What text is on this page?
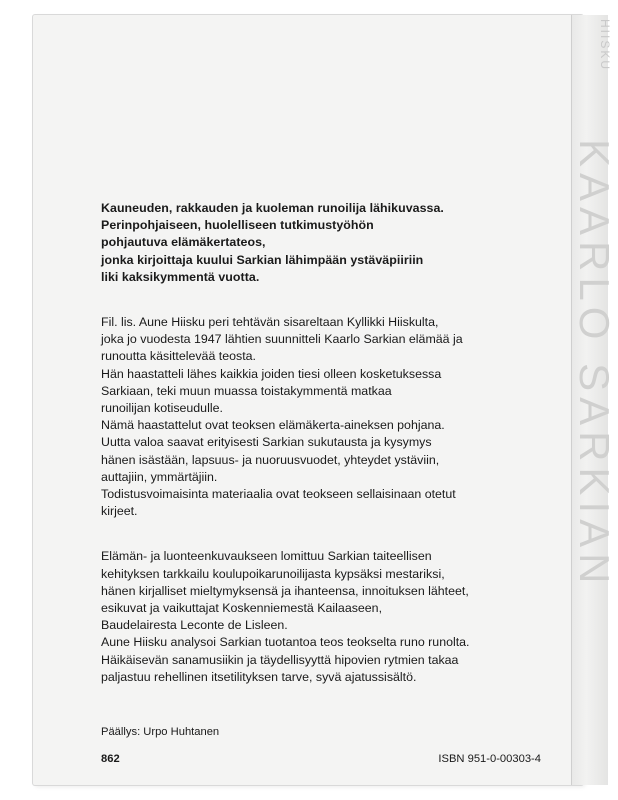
HIISKU
KAARLO SARKIAN

Kauneuden, rakkauden ja kuoleman runoilija lähikuvassa.

Perinpohjaiseen, huolelliseen tutkimustyöhön

pohjautuva elämäkertateos,

jonka kirjoittaja kuului Sarkian lähimpään ystäväpiiriin

liki kaksikymmentä vuotta.

Fil. lis. Aune Hiisku peri tehtävän sisareltaan Kyllikki Hiiskulta,

joka jo vuodesta 1947 lähtien suunnitteli Kaarlo Sarkian elämää ja

runoutta käsittelevää teosta.

Hän haastatteli lähes kaikkia joiden tiesi olleen kosketuksessa

Sarkiaan, teki muun muassa toistakymmentä matkaa

runoilijan kotiseudulle.

Nämä haastattelut ovat teoksen elämäkerta-aineksen pohjana.

Uutta valoa saavat erityisesti Sarkian sukutausta ja kysymys

hänen isästään, lapsuus- ja nuoruusvuodet, yhteydet ystäviin,

auttajiin, ymmärtäjiin.

Todistusvoimaisinta materiaalia ovat teokseen sellaisinaan otetut

kirjeet.

Elämän- ja luonteenkuvaukseen lomittuu Sarkian taiteellisen

kehityksen tarkkailu koulupoikarunoilijasta kypsäksi mestariksi,

hänen kirjalliset mieltymyksensä ja ihanteensa, innoituksen lähteet,

esikuvat ja vaikuttajat Koskenniemestä Kailaaseen,

Baudelairesta Leconte de Lisleen.

Aune Hiisku analysoi Sarkian tuotantoa teos teokselta runo runolta.

Häikäisevän sanamusiikin ja täydellisyyttä hipovien rytmien takaa

paljastuu rehellinen itsetilityksen tarve, syvä ajatussisältö.

Päällys: Urpo Huhtanen
862	ISBN 951-0-00303-4
